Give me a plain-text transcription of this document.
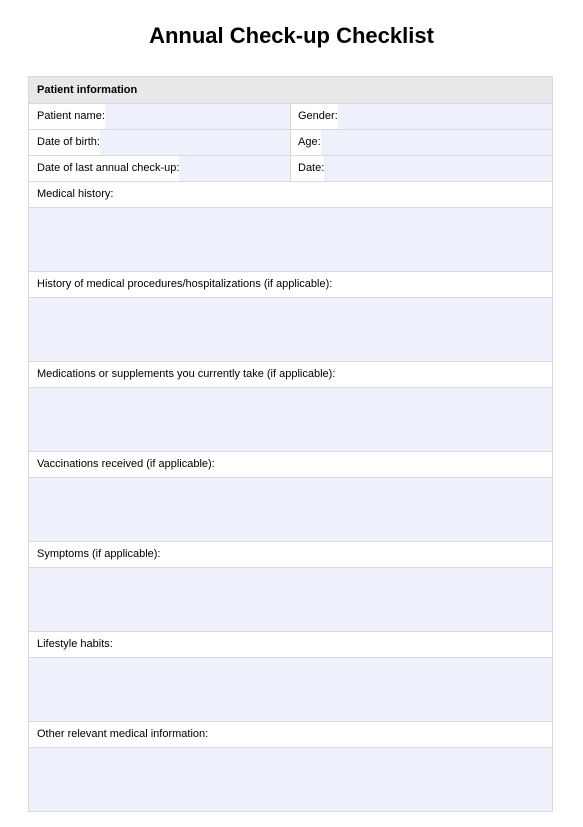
Annual Check-up Checklist
Patient information
Patient name:	Gender:
Date of birth:	Age:
Date of last annual check-up:	Date:
Medical history:
History of medical procedures/hospitalizations (if applicable):
Medications or supplements you currently take (if applicable):
Vaccinations received (if applicable):
Symptoms (if applicable):
Lifestyle habits:
Other relevant medical information:
